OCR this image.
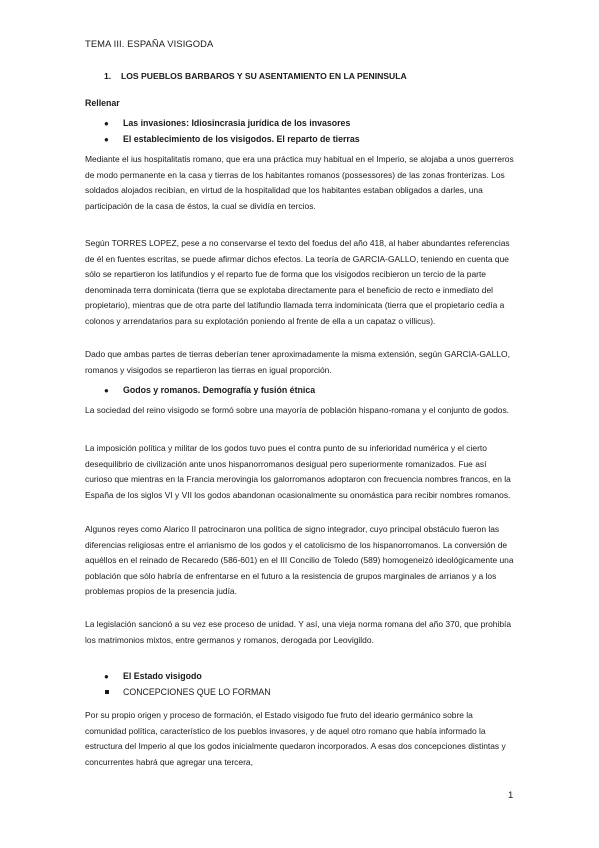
TEMA III. ESPAÑA VISIGODA
1. LOS PUEBLOS BARBAROS Y SU ASENTAMIENTO EN LA PENINSULA
Rellenar
● Las invasiones: Idiosincrasia jurídica de los invasores
● El establecimiento de los visigodos. El reparto de tierras

Mediante el ius hospitalitatis romano, que era una práctica muy habitual en el Imperio, se alojaba a unos guerreros de modo permanente en la casa y tierras de los habitantes romanos (possessores) de las zonas fronterizas. Los soldados alojados recibían, en virtud de la hospitalidad que los habitantes estaban obligados a darles, una participación de la casa de éstos, la cual se dividía en tercios.

Según TORRES LOPEZ, pese a no conservarse el texto del foedus del año 418, al haber abundantes referencias de él en fuentes escritas, se puede afirmar dichos efectos. La teoría de GARCIA-GALLO, teniendo en cuenta que sólo se repartieron los latifundios y el reparto fue de forma que los visigodos recibieron un tercio de la parte denominada terra dominicata (tierra que se explotaba directamente para el beneficio de recto e inmediato del propietario), mientras que de otra parte del latifundio llamada terra indominicata (tierra que el propietario cedía a colonos y arrendatarios para su explotación poniendo al frente de ella a un capataz o villicus).

Dado que ambas partes de tierras deberían tener aproximadamente la misma extensión, según GARCIA-GALLO, romanos y visigodos se repartieron las tierras en igual proporción.

● Godos y romanos. Demografía y fusión étnica

La sociedad del reino visigodo se formó sobre una mayoría de población hispano-romana y el conjunto de godos.

La imposición política y militar de los godos tuvo pues el contra punto de su inferioridad numérica y el cierto desequilibrio de civilización ante unos hispanorromanos desigual pero superiormente romanizados. Fue así curioso que mientras en la Francia merovingia los galorromanos adoptaron con frecuencia nombres francos, en la España de los siglos VI y VII los godos abandonan ocasionalmente su onomástica para recibir nombres romanos.

Algunos reyes como Alarico II patrocinaron una política de signo integrador, cuyo principal obstáculo fueron las diferencias religiosas entre el arrianismo de los godos y el catolicismo de los hispanorromanos. La conversión de aquéllos en el reinado de Recaredo (586-601) en el III Concilio de Toledo (589) homogeneizó ideológicamente una población que sólo habría de enfrentarse en el futuro a la resistencia de grupos marginales de arrianos y a los problemas propios de la presencia judía.

La legislación sancionó a su vez ese proceso de unidad. Y así, una vieja norma romana del año 370, que prohibía los matrimonios mixtos, entre germanos y romanos, derogada por Leovigildo.

● El Estado visigodo
CONCEPCIONES QUE LO FORMAN

Por su propio origen y proceso de formación, el Estado visigodo fue fruto del ideario germánico sobre la comunidad política, característico de los pueblos invasores, y de aquel otro romano que había informado la estructura del Imperio al que los godos inicialmente quedaron incorporados. A esas dos concepciones distintas y concurrentes habrá que agregar una tercera,

1
